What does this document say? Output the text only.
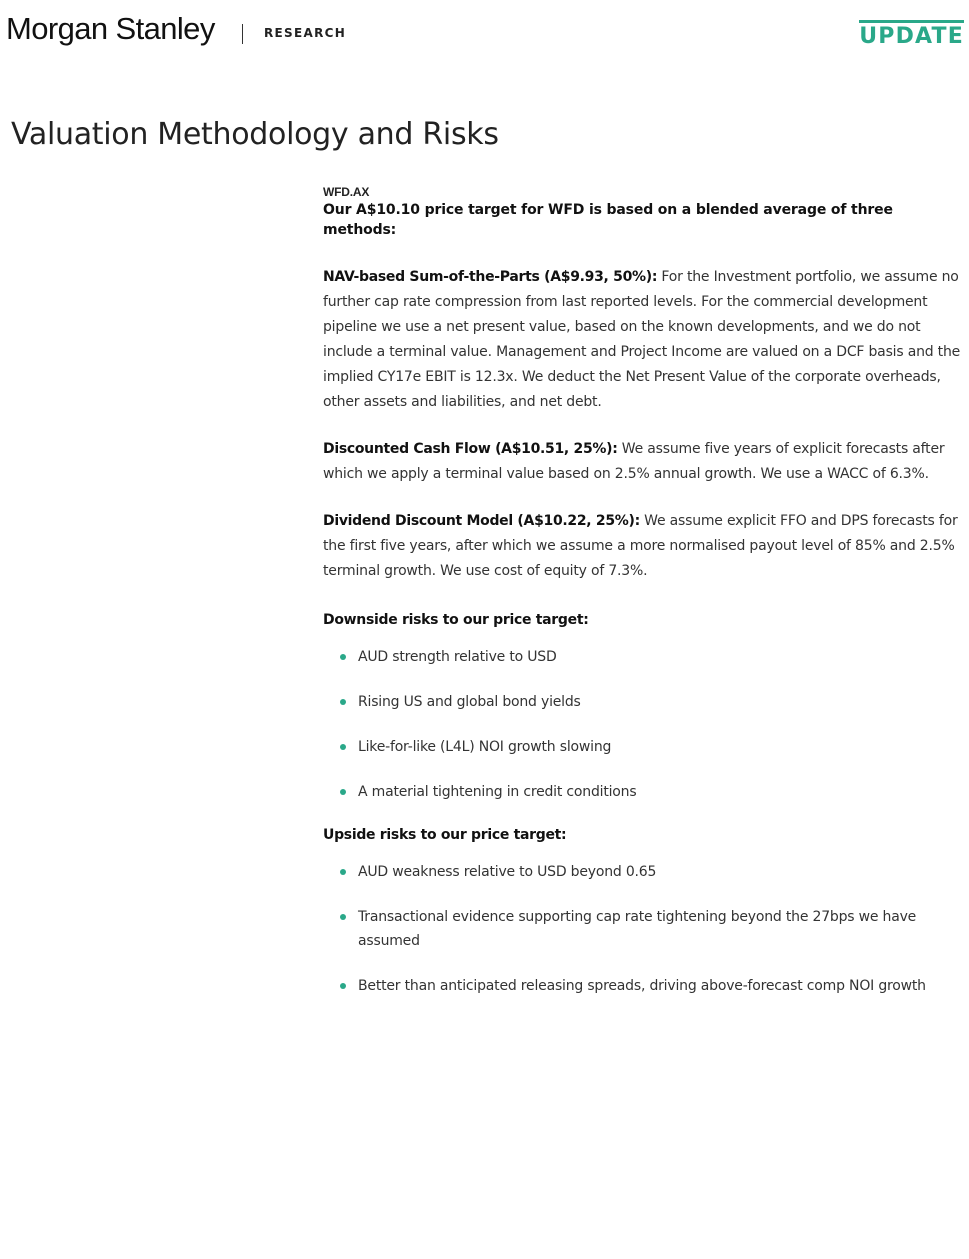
Morgan Stanley	RESEARCH	UPDATE
Valuation Methodology and Risks
WFD.AX
Our A$10.10 price target for WFD is based on a blended average of three methods:

NAV-based Sum-of-the-Parts (A$9.93, 50%): For the Investment portfolio, we assume no further cap rate compression from last reported levels. For the commercial development pipeline we use a net present value, based on the known developments, and we do not include a terminal value. Management and Project Income are valued on a DCF basis and the implied CY17e EBIT is 12.3x. We deduct the Net Present Value of the corporate overheads, other assets and liabilities, and net debt.

Discounted Cash Flow (A$10.51, 25%): We assume five years of explicit forecasts after which we apply a terminal value based on 2.5% annual growth. We use a WACC of 6.3%.

Dividend Discount Model (A$10.22, 25%): We assume explicit FFO and DPS forecasts for the first five years, after which we assume a more normalised payout level of 85% and 2.5% terminal growth. We use cost of equity of 7.3%.

Downside risks to our price target:
AUD strength relative to USD
Rising US and global bond yields
Like-for-like (L4L) NOI growth slowing
A material tightening in credit conditions
Upside risks to our price target:
AUD weakness relative to USD beyond 0.65
Transactional evidence supporting cap rate tightening beyond the 27bps we have assumed
Better than anticipated releasing spreads, driving above-forecast comp NOI growth
